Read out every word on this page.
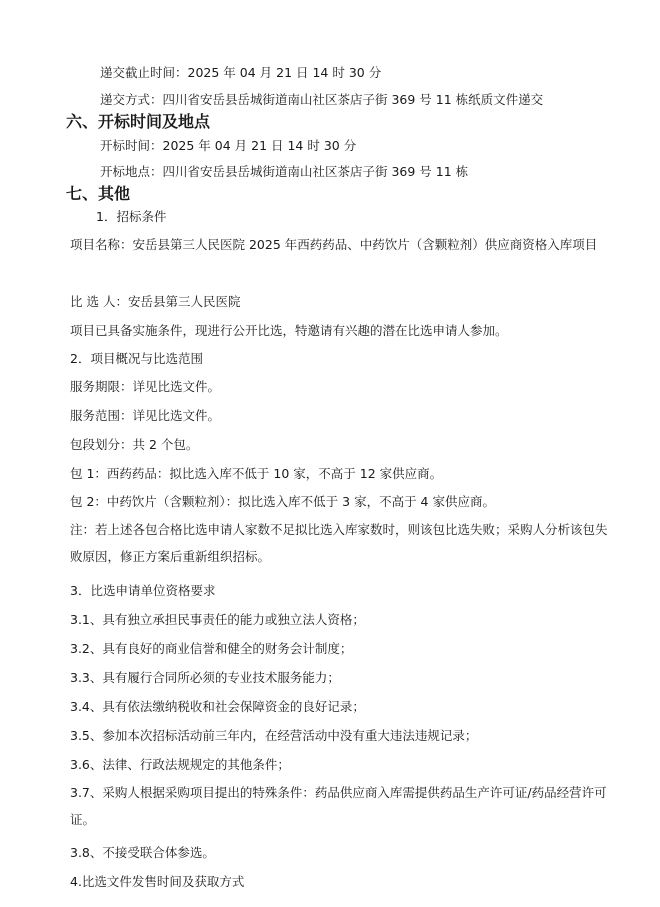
递交截止时间：2025 年 04 月 21 日 14 时 30 分
递交方式：四川省安岳县岳城街道南山社区茶店子街 369 号 11 栋纸质文件递交
六、开标时间及地点
开标时间：2025 年 04 月 21 日 14 时 30 分
开标地点：四川省安岳县岳城街道南山社区茶店子街 369 号 11 栋
七、其他
1．招标条件
项目名称：安岳县第三人民医院 2025 年西药药品、中药饮片（含颗粒剂）供应商资格入库项目
比 选 人：安岳县第三人民医院
项目已具备实施条件，现进行公开比选，特邀请有兴趣的潜在比选申请人参加。
2．项目概况与比选范围
服务期限：详见比选文件。
服务范围：详见比选文件。
包段划分：共 2 个包。
包 1：西药药品：拟比选入库不低于 10 家，不高于 12 家供应商。
包 2：中药饮片（含颗粒剂）：拟比选入库不低于 3 家，不高于 4 家供应商。
注：若上述各包合格比选申请人家数不足拟比选入库家数时，则该包比选失败；采购人分析该包失败原因，修正方案后重新组织招标。
3．比选申请单位资格要求
3.1、具有独立承担民事责任的能力或独立法人资格；
3.2、具有良好的商业信誉和健全的财务会计制度；
3.3、具有履行合同所必须的专业技术服务能力；
3.4、具有依法缴纳税收和社会保障资金的良好记录；
3.5、参加本次招标活动前三年内，在经营活动中没有重大违法违规记录；
3.6、法律、行政法规规定的其他条件；
3.7、采购人根据采购项目提出的特殊条件：药品供应商入库需提供药品生产许可证/药品经营许可证。
3.8、不接受联合体参选。
4.比选文件发售时间及获取方式
